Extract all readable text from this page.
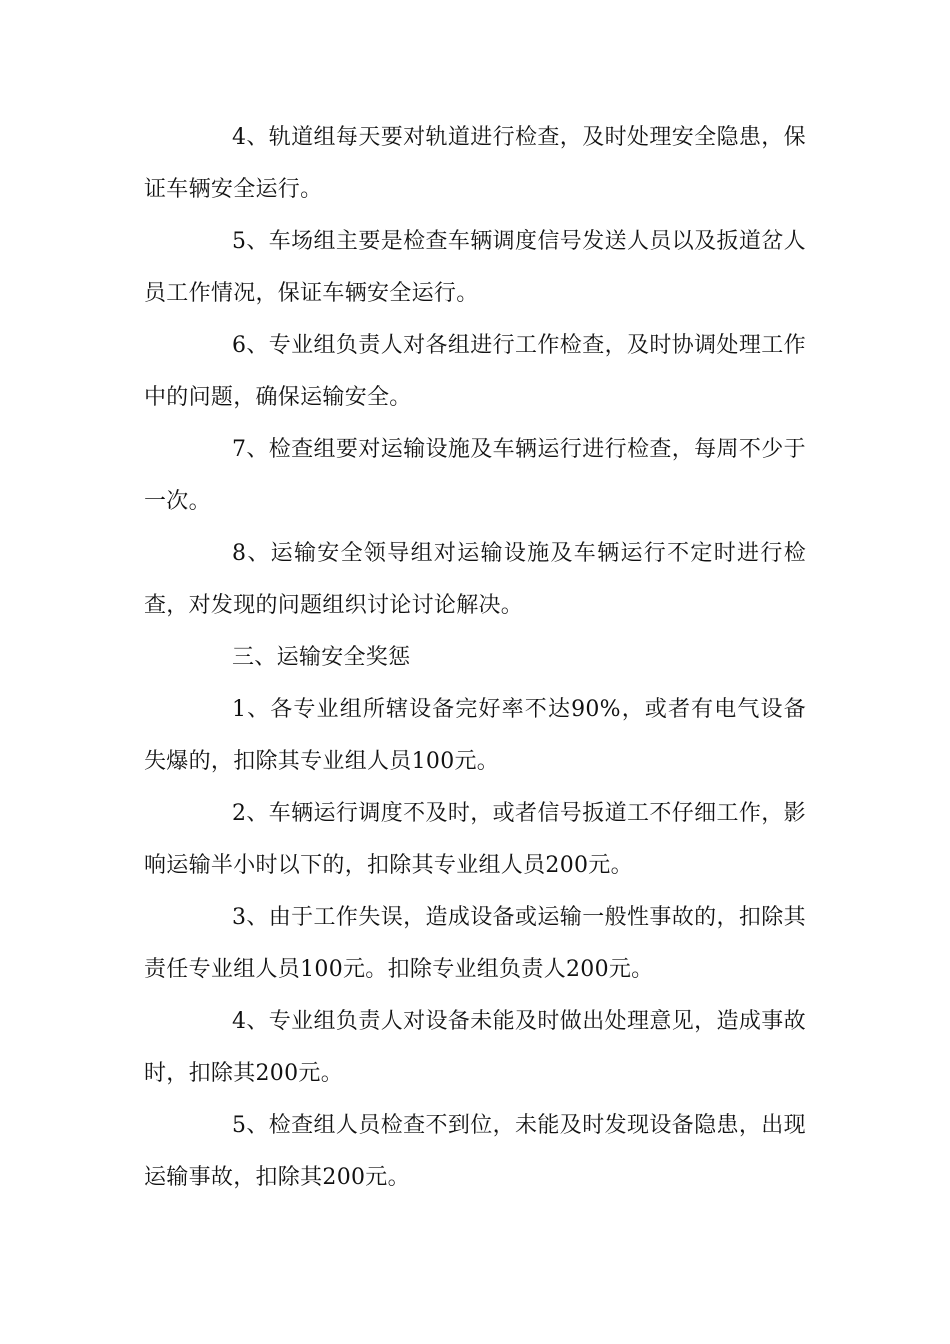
4、轨道组每天要对轨道进行检查，及时处理安全隐患，保证车辆安全运行。

5、车场组主要是检查车辆调度信号发送人员以及扳道岔人员工作情况，保证车辆安全运行。

6、专业组负责人对各组进行工作检查，及时协调处理工作中的问题，确保运输安全。

7、检查组要对运输设施及车辆运行进行检查，每周不少于一次。

8、运输安全领导组对运输设施及车辆运行不定时进行检查，对发现的问题组织讨论讨论解决。

三、运输安全奖惩

1、各专业组所辖设备完好率不达90%，或者有电气设备失爆的，扣除其专业组人员100元。

2、车辆运行调度不及时，或者信号扳道工不仔细工作，影响运输半小时以下的，扣除其专业组人员200元。

3、由于工作失误，造成设备或运输一般性事故的，扣除其责任专业组人员100元。扣除专业组负责人200元。

4、专业组负责人对设备未能及时做出处理意见，造成事故时，扣除其200元。

5、检查组人员检查不到位，未能及时发现设备隐患，出现运输事故，扣除其200元。
